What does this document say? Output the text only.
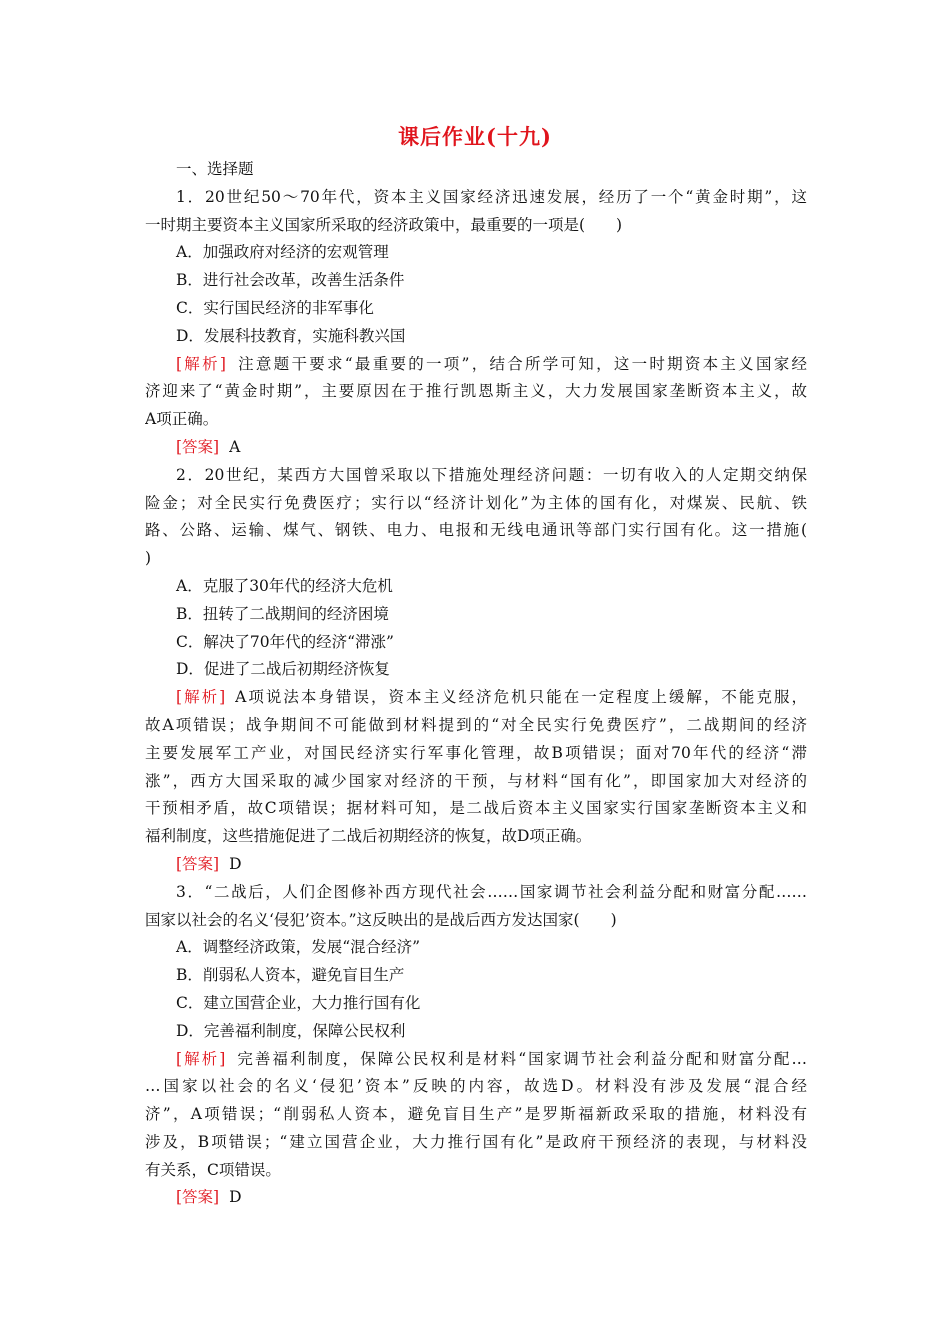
课后作业(十九)
一、选择题
1．20世纪50～70年代，资本主义国家经济迅速发展，经历了一个“黄金时期”，这
一时期主要资本主义国家所采取的经济政策中，最重要的一项是(　　)
A．加强政府对经济的宏观管理
B．进行社会改革，改善生活条件
C．实行国民经济的非军事化
D．发展科技教育，实施科教兴国
[解析] 注意题干要求“最重要的一项”，结合所学可知，这一时期资本主义国家经
济迎来了“黄金时期”，主要原因在于推行凯恩斯主义，大力发展国家垄断资本主义，故
A项正确。
[答案] A
2．20世纪，某西方大国曾采取以下措施处理经济问题：一切有收入的人定期交纳保
险金；对全民实行免费医疗；实行以“经济计划化”为主体的国有化，对煤炭、民航、铁
路、公路、运输、煤气、钢铁、电力、电报和无线电通讯等部门实行国有化。这一措施(
)
A．克服了30年代的经济大危机
B．扭转了二战期间的经济困境
C．解决了70年代的经济“滞涨”
D．促进了二战后初期经济恢复
[解析] A项说法本身错误，资本主义经济危机只能在一定程度上缓解，不能克服，
故A项错误；战争期间不可能做到材料提到的“对全民实行免费医疗”，二战期间的经济
主要发展军工产业，对国民经济实行军事化管理，故B项错误；面对70年代的经济“滞
涨”，西方大国采取的减少国家对经济的干预，与材料“国有化”，即国家加大对经济的
干预相矛盾，故C项错误；据材料可知，是二战后资本主义国家实行国家垄断资本主义和
福利制度，这些措施促进了二战后初期经济的恢复，故D项正确。
[答案] D
3．“二战后，人们企图修补西方现代社会……国家调节社会利益分配和财富分配……
国家以社会的名义‘侵犯’资本。”这反映出的是战后西方发达国家(　　)
A．调整经济政策，发展“混合经济”
B．削弱私人资本，避免盲目生产
C．建立国营企业，大力推行国有化
D．完善福利制度，保障公民权利
[解析] 完善福利制度，保障公民权利是材料“国家调节社会利益分配和财富分配…
…国家以社会的名义‘侵犯’资本”反映的内容，故选D。材料没有涉及发展“混合经
济”，A项错误；“削弱私人资本，避免盲目生产”是罗斯福新政采取的措施，材料没有
涉及，B项错误；“建立国营企业，大力推行国有化”是政府干预经济的表现，与材料没
有关系，C项错误。
[答案] D
